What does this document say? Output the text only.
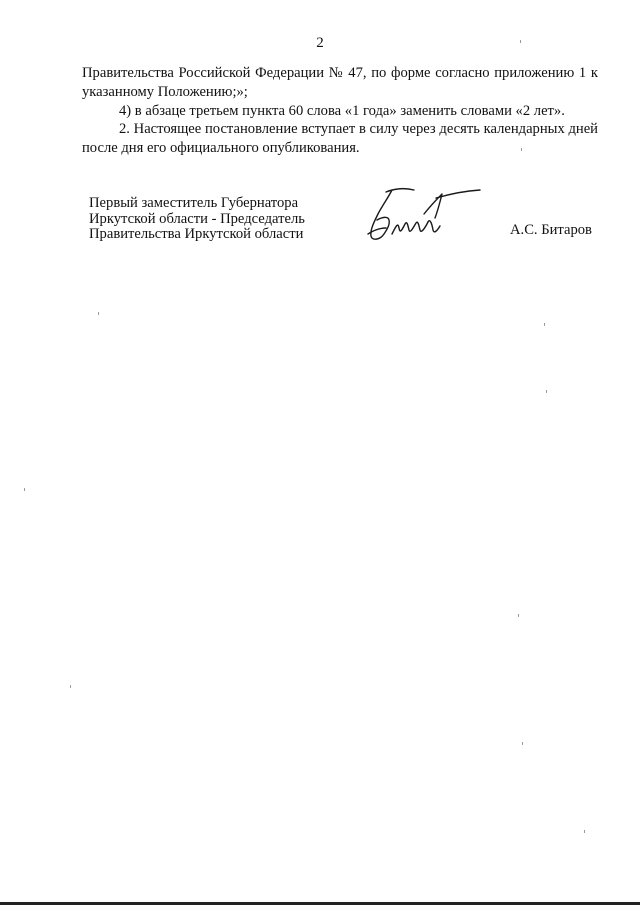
2

Правительства Российской Федерации № 47, по форме согласно приложению 1 к указанному Положению;»;

4) в абзаце третьем пункта 60 слова «1 года» заменить словами «2 лет».

2. Настоящее постановление вступает в силу через десять календарных дней после дня его официального опубликования.

Первый заместитель Губернатора
Иркутской области - Председатель
Правительства Иркутской области	А.С. Битаров
